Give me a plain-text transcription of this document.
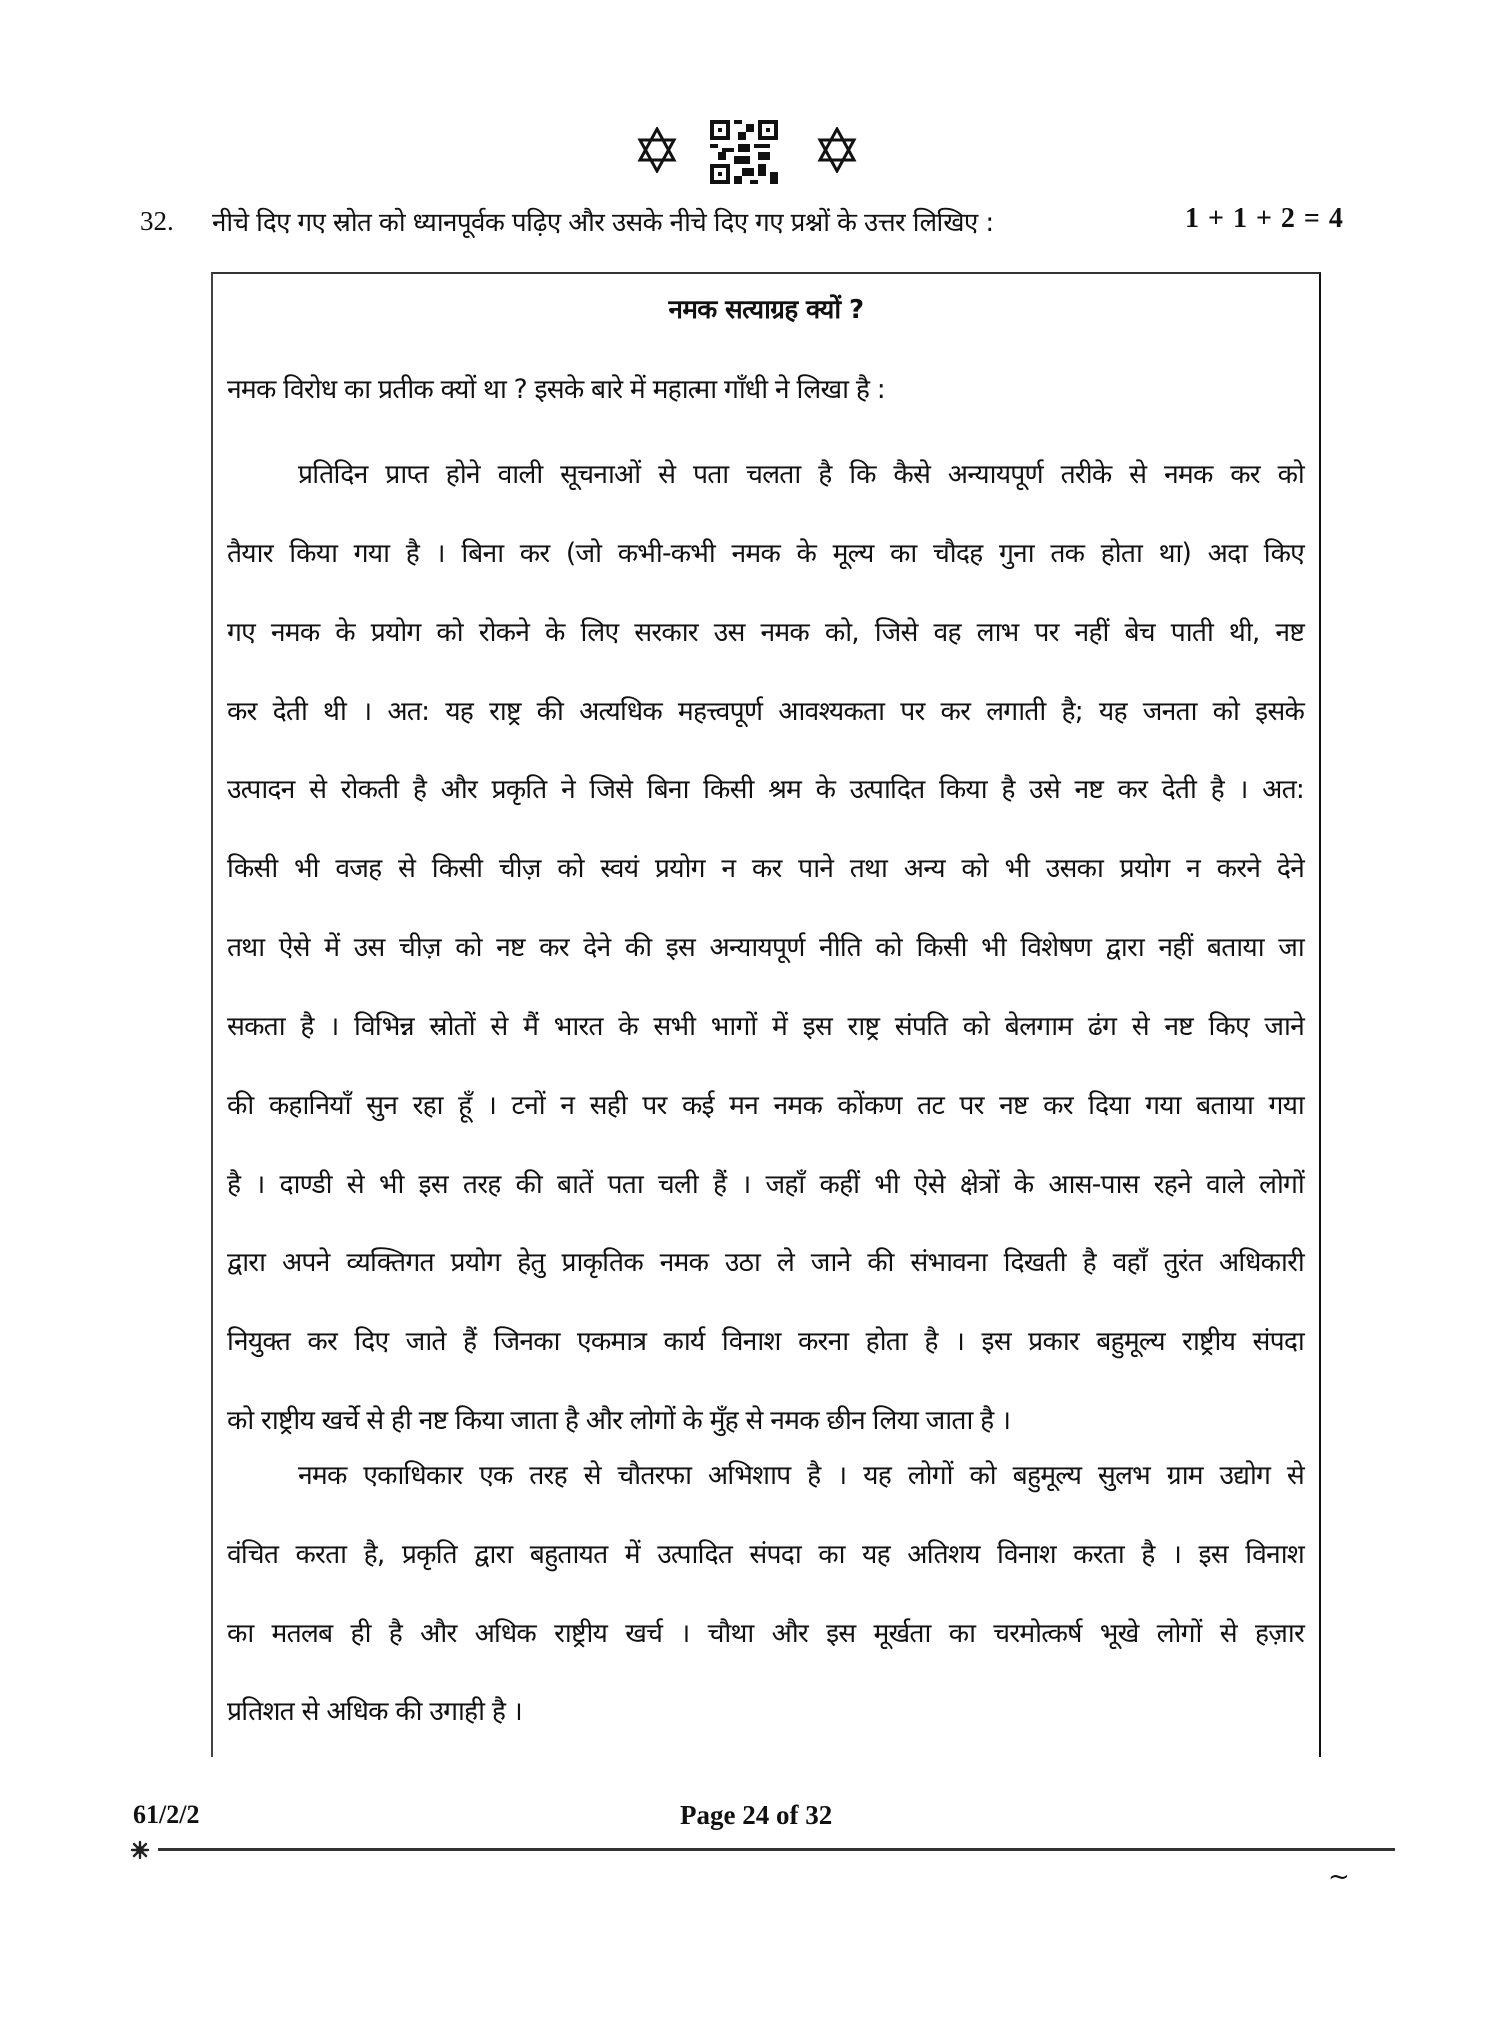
32. नीचे दिए गए स्रोत को ध्यानपूर्वक पढ़िए और उसके नीचे दिए गए प्रश्नों के उत्तर लिखिए :	1 + 1 + 2 = 4
नमक सत्याग्रह क्यों ?
नमक विरोध का प्रतीक क्यों था ? इसके बारे में महात्मा गाँधी ने लिखा है :
प्रतिदिन प्राप्त होने वाली सूचनाओं से पता चलता है कि कैसे अन्यायपूर्ण तरीके से नमक कर को
तैयार किया गया है । बिना कर (जो कभी-कभी नमक के मूल्य का चौदह गुना तक होता था) अदा किए
गए नमक के प्रयोग को रोकने के लिए सरकार उस नमक को, जिसे वह लाभ पर नहीं बेच पाती थी, नष्ट
कर देती थी । अत: यह राष्ट्र की अत्यधिक महत्त्वपूर्ण आवश्यकता पर कर लगाती है; यह जनता को इसके
उत्पादन से रोकती है और प्रकृति ने जिसे बिना किसी श्रम के उत्पादित किया है उसे नष्ट कर देती है । अत:
किसी भी वजह से किसी चीज़ को स्वयं प्रयोग न कर पाने तथा अन्य को भी उसका प्रयोग न करने देने
तथा ऐसे में उस चीज़ को नष्ट कर देने की इस अन्यायपूर्ण नीति को किसी भी विशेषण द्वारा नहीं बताया जा
सकता है । विभिन्न स्रोतों से मैं भारत के सभी भागों में इस राष्ट्र संपति को बेलगाम ढंग से नष्ट किए जाने
की कहानियाँ सुन रहा हूँ । टनों न सही पर कई मन नमक कोंकण तट पर नष्ट कर दिया गया बताया गया
है । दाण्डी से भी इस तरह की बातें पता चली हैं । जहाँ कहीं भी ऐसे क्षेत्रों के आस-पास रहने वाले लोगों
द्वारा अपने व्यक्तिगत प्रयोग हेतु प्राकृतिक नमक उठा ले जाने की संभावना दिखती है वहाँ तुरंत अधिकारी
नियुक्त कर दिए जाते हैं जिनका एकमात्र कार्य विनाश करना होता है । इस प्रकार बहुमूल्य राष्ट्रीय संपदा
को राष्ट्रीय खर्चे से ही नष्ट किया जाता है और लोगों के मुँह से नमक छीन लिया जाता है ।
नमक एकाधिकार एक तरह से चौतरफा अभिशाप है । यह लोगों को बहुमूल्य सुलभ ग्राम उद्योग से
वंचित करता है, प्रकृति द्वारा बहुतायत में उत्पादित संपदा का यह अतिशय विनाश करता है । इस विनाश
का मतलब ही है और अधिक राष्ट्रीय खर्च । चौथा और इस मूर्खता का चरमोत्कर्ष भूखे लोगों से हज़ार
प्रतिशत से अधिक की उगाही है ।
61/2/2	Page 24 of 32
~
